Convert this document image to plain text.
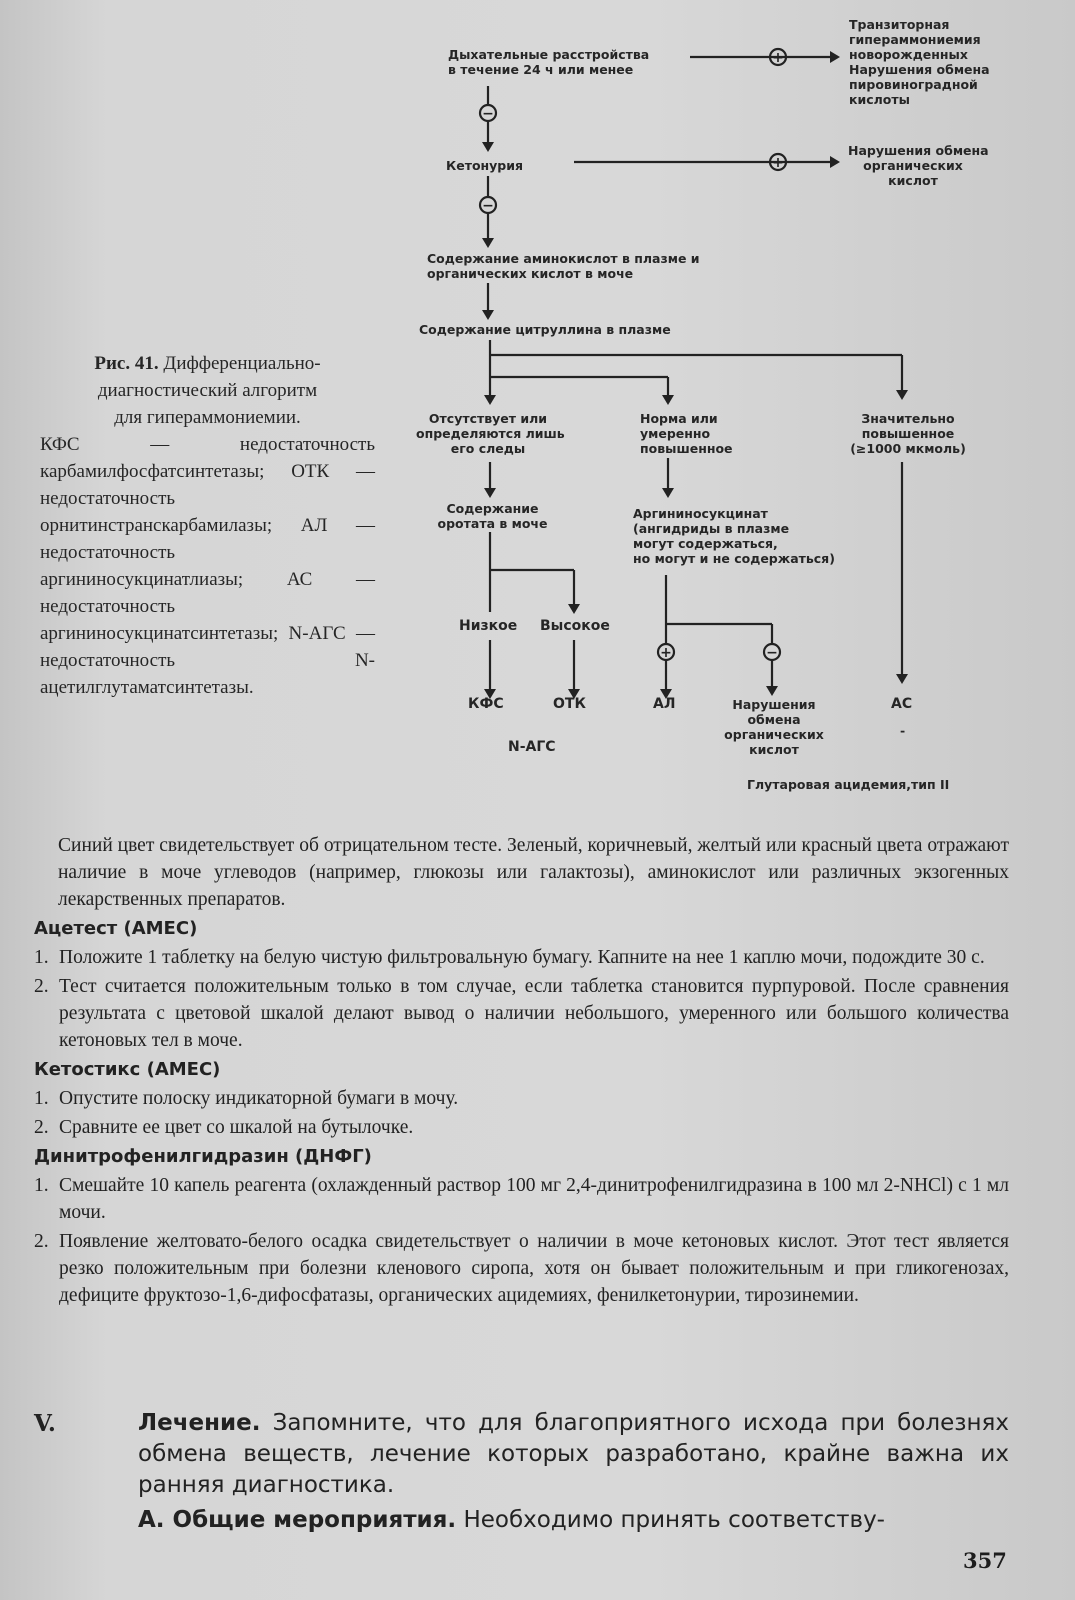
+
−
+
−
+	−
Дыхательные расстройства
в течение 24 ч или менее
Транзиторная
гипераммониемия
новорожденных
Нарушения обмена
пировиноградной
кислоты
Кетонурия
Нарушения обмена
органических
кислот
Содержание аминокислот в плазме и
органических кислот в моче
Содержание цитруллина в плазме
Отсутствует или
определяются лишь
его следы
Норма или
умеренно
повышенное
Значительно
повышенное
(≥1000 мкмоль)
Содержание
оротата в моче
Аргининосукцинат
(ангидриды в плазме
могут содержаться,
но могут и не содержаться)
Низкое Высокое
КФС	ОТК
N-АГС
АЛ	Нарушения
обмена
органических
кислот
АС
-
Глутаровая ацидемия,тип II
Рис. 41. Дифференциально-
диагностический алгоритм
для гипераммониемии.
КФС — недостаточность карбамилфосфатсинтетазы; ОТК — недостаточность орнитинстранскарбамилазы; АЛ — недостаточность аргининосукцинатлиазы; АС — недостаточность аргининосукцинатсинтетазы; N-АГС — недостаточность N-ацетилглутаматсинтетазы.

Синий цвет свидетельствует об отрицательном тесте. Зеленый, коричневый, желтый или красный цвета отражают наличие в моче углеводов (например, глюкозы или галактозы), аминокислот или различных экзогенных лекарственных препаратов.

Ацетест (AMEC)
1. Положите 1 таблетку на белую чистую фильтровальную бумагу. Капните на нее 1 каплю мочи, подождите 30 с.
2. Тест считается положительным только в том случае, если таблетка становится пурпуровой. После сравнения результата с цветовой шкалой делают вывод о наличии небольшого, умеренного или большого количества кетоновых тел в моче.
Кетостикс (AMEC)
1. Опустите полоску индикаторной бумаги в мочу.
2. Сравните ее цвет со шкалой на бутылочке.
Динитрофенилгидразин (ДНФГ)
1. Смешайте 10 капель реагента (охлажденный раствор 100 мг 2,4-динитрофенилгидразина в 100 мл 2-NHCl) с 1 мл мочи.
2. Появление желтовато-белого осадка свидетельствует о наличии в моче кетоновых кислот. Этот тест является резко положительным при болезни кленового сиропа, хотя он бывает положительным и при гликогенозах, дефиците фруктозо-1,6-дифосфатазы, органических ацидемиях, фенилкетонурии, тирозинемии.
V.	Лечение. Запомните, что для благоприятного исхода при болезнях обмена веществ, лечение которых разработано, крайне важна их ранняя диагностика.
А. Общие мероприятия. Необходимо принять соответству-
357
